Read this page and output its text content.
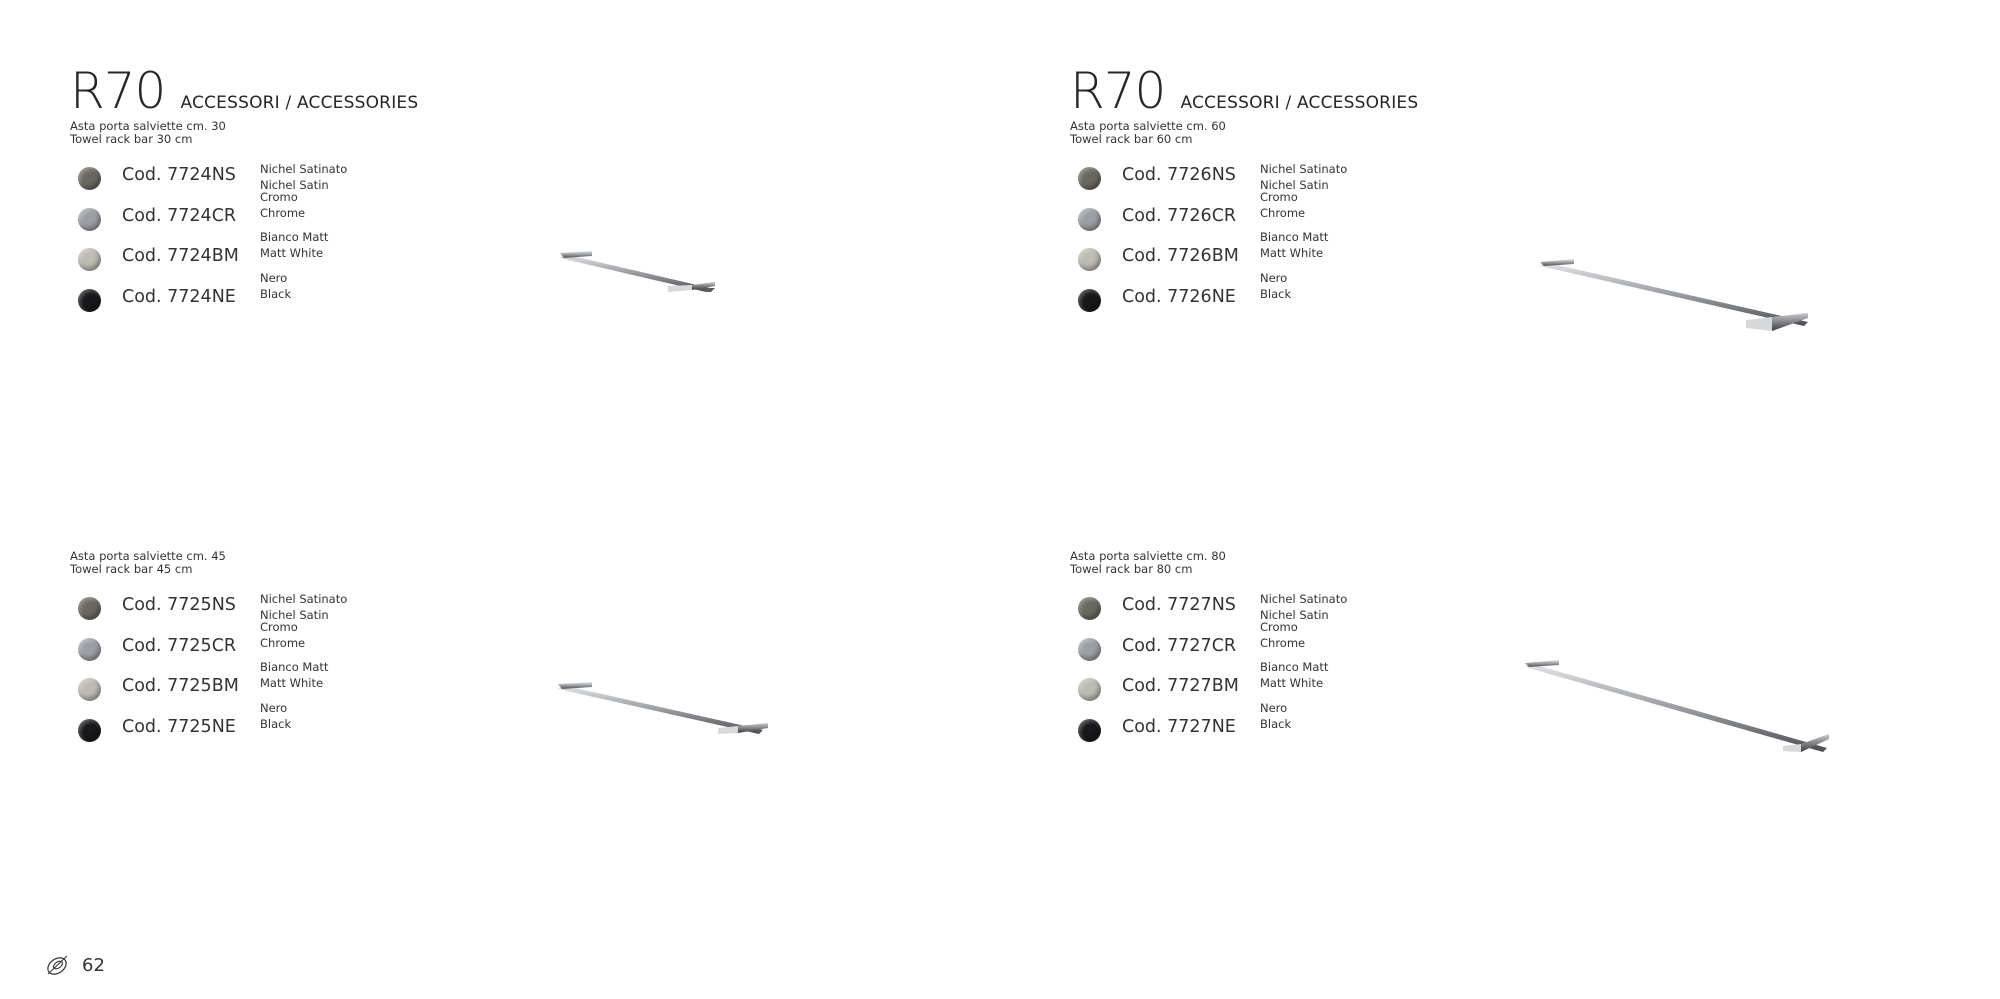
R70 ACCESSORI / ACCESSORIES
Asta porta salviette cm. 30
Towel rack bar 30 cm
Cod. 7724NS Nichel Satinato
Nichel Satin
Cod. 7724CR
Cromo
Chrome
Cod. 7724BM
Bianco Matt
Matt White
Cod. 7724NE
Nero
Black
Asta porta salviette cm. 45
Towel rack bar 45 cm
Cod. 7725NS Nichel Satinato
Nichel Satin
Cod. 7725CR
Cromo
Chrome
Cod. 7725BM
Bianco Matt
Matt White
Cod. 7725NE
Nero
Black
62
R70 ACCESSORI / ACCESSORIES
Asta porta salviette cm. 60
Towel rack bar 60 cm
Cod. 7726NS Nichel Satinato
Nichel Satin
Cod. 7726CR
Cromo
Chrome
Cod. 7726BM
Bianco Matt
Matt White
Cod. 7726NE
Nero
Black
Asta porta salviette cm. 80
Towel rack bar 80 cm
Cod. 7727NS Nichel Satinato
Nichel Satin
Cod. 7727CR
Cromo
Chrome
Cod. 7727BM
Bianco Matt
Matt White
Cod. 7727NE
Nero
Black
